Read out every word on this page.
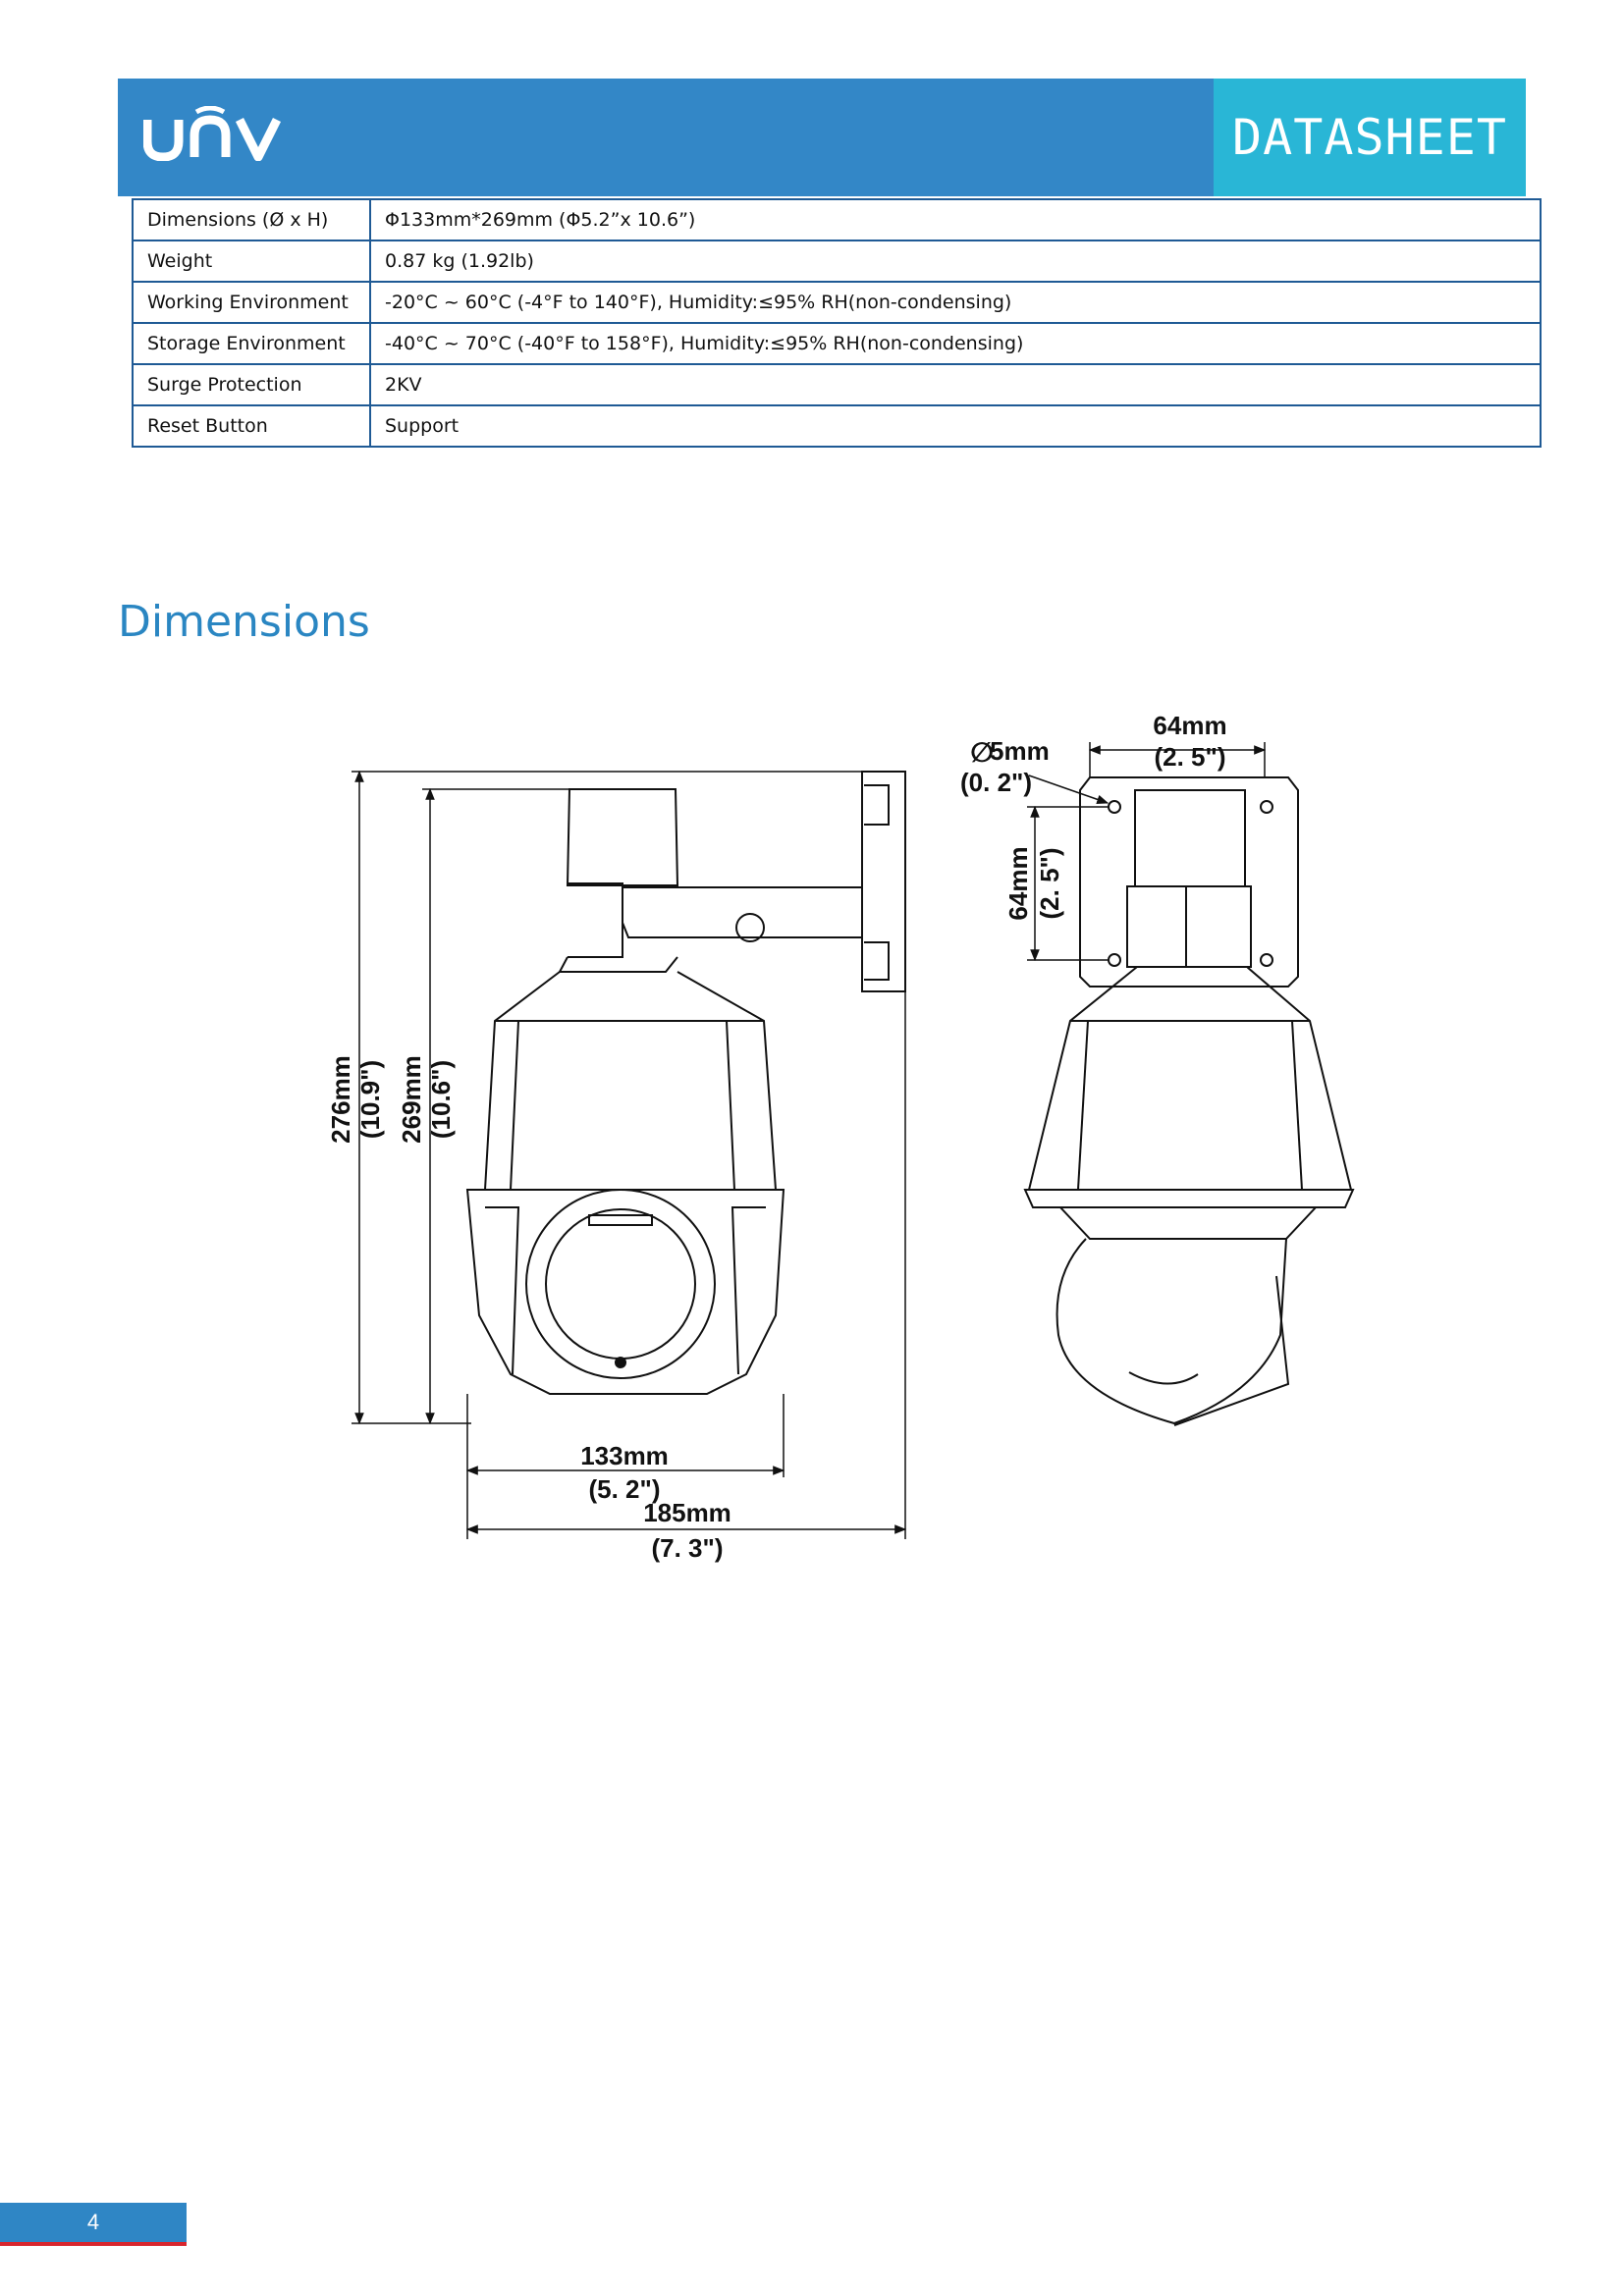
DATASHEET
Dimensions (Ø x H)	Φ133mm*269mm (Φ5.2”x 10.6”)
Weight	0.87 kg (1.92lb)
Working Environment	-20°C ~ 60°C (-4°F to 140°F), Humidity:≤95% RH(non-condensing)
Storage Environment	-40°C ~ 70°C (-40°F to 158°F), Humidity:≤95% RH(non-condensing)
Surge Protection	2KV
Reset Button	Support
Dimensions
276mm (10.9") 269mm (10.6")
133mm
(5. 2")
185mm
(7. 3")
∅
5mm
(0. 2")
64mm
(2. 5")
64mm (2. 5")
4
